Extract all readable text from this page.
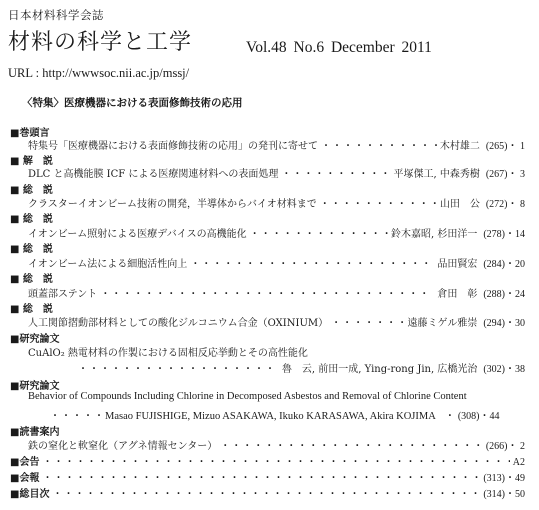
日本材料科学会誌
材料の科学と工学	Vol.48 No.6 December 2011
URL : http://wwwsoc.nii.ac.jp/mssj/
〈特集〉医療機器における表面修飾技術の応用
■巻頭言
特集号「医療機器における表面修飾技術の応用」の発刊に寄せて ・・・・・・・・・・・・・・・・・・・・・・・・・・・・・・・・・・・・・・・・・・・・・・・・・・・・・・・・・・・・・・・・・・・・・・・・・・・・・・・・・・・・・・・・・	木村雄二 (265)・ 1
■ 解　説
DLC と高機能膜 ICF による医療関連材料への表面処理 ・・・・・・・・・・・・・・・・・・・・・・・・・・・・・・・・・・・・・・・・・・・・・・・・・・・・・・・・・・・・・・・・・・・・・・・・・・・・・・・・・・・・・・・・・	平塚傑工, 中森秀樹 (267)・ 3
■ 総　説
クラスターイオンビーム技術の開発，半導体からバイオ材料まで ・・・・・・・・・・・・・・・・・・・・・・・・・・・・・・・・・・・・・・・・・・・・・・・・・・・・・・・・・・・・・・・・・・・・・・・・・・・・・・・・・・・・・・・・・	山田　公 (272)・ 8
■ 総　説
イオンビーム照射による医療デバイスの高機能化 ・・・・・・・・・・・・・・・・・・・・・・・・・・・・・・・・・・・・・・・・・・・・・・・・・・・・・・・・・・・・・・・・・・・・・・・・・・・・・・・・・・・・・・・・・	鈴木嘉昭, 杉田洋一 (278)・14
■ 総　説
イオンビーム法による細胞活性向上 ・・・・・・・・・・・・・・・・・・・・・・・・・・・・・・・・・・・・・・・・・・・・・・・・・・・・・・・・・・・・・・・・・・・・・・・・・・・・・・・・・・・・・・・・・	品田賢宏 (284)・20
■ 総　説
頭蓋部ステント ・・・・・・・・・・・・・・・・・・・・・・・・・・・・・・・・・・・・・・・・・・・・・・・・・・・・・・・・・・・・・・・・・・・・・・・・・・・・・・・・・・・・・・・・・	倉田　彰 (288)・24
■ 総　説
人工関節摺動部材料としての酸化ジルコニウム合金（OXINIUM） ・・・・・・・・・・・・・・・・・・・・・・・・・・・・・・・・・・・・・・・・・・・・・・・・・・・・・・・・・・・・・・・・・・・・・・・・・・・・・・・・・・・・・・・・・	遠藤ミゲル雅崇 (294)・30
■研究論文
CuAlO₂ 熱電材料の作製における固相反応挙動とその高性能化
・・・・・・・・・・・・・・・・・・・・・・・・・・・・・・・・・・・・・・・・・・・・・・・・・・・・・・・・・・・・・・・・・・・・・・・・・・・・・・・・・・・・・・・・・
魯　云, 前田一成, Ying-rong Jin, 広橋光治 (302)・38
■研究論文
Behavior of Compounds Including Chlorine in Decomposed Asbestos and Removal of Chlorine Content
・・・・・・・・・・・・・・・・・・・・・・・・・・・・・・・・・・・・・・・・・・・・・・・・・・・・・・・・・・・・・・・・・・・・・・・・・・・・・・・・・・・・・・・・・
Masao FUJISHIGE, Mizuo ASAKAWA, Ikuko KARASAWA, Akira KOJIMA ・・・・・・・・・・・・・・・・・・・・・・・・・・・・・・・・・・・・・・・・・・・・・・・・・・・・・・・・・・・・・・・・・・・・・・・・・・・・・・・・・・・・・・・・・ (308)・44
■読書案内
鉄の窒化と軟窒化（アグネ情報センター） ・・・・・・・・・・・・・・・・・・・・・・・・・・・・・・・・・・・・・・・・・・・・・・・・・・・・・・・・・・・・・・・・・・・・・・・・・・・・・・・・・・・・・・・・・	(266)・ 2
■会告 ・・・・・・・・・・・・・・・・・・・・・・・・・・・・・・・・・・・・・・・・・・・・・・・・・・・・・・・・・・・・・・・・・・・・・・・・・・・・・・・・・・・・・・・・・	A2
■会報 ・・・・・・・・・・・・・・・・・・・・・・・・・・・・・・・・・・・・・・・・・・・・・・・・・・・・・・・・・・・・・・・・・・・・・・・・・・・・・・・・・・・・・・・・・	(313)・49
■総目次 ・・・・・・・・・・・・・・・・・・・・・・・・・・・・・・・・・・・・・・・・・・・・・・・・・・・・・・・・・・・・・・・・・・・・・・・・・・・・・・・・・・・・・・・・・	(314)・50
